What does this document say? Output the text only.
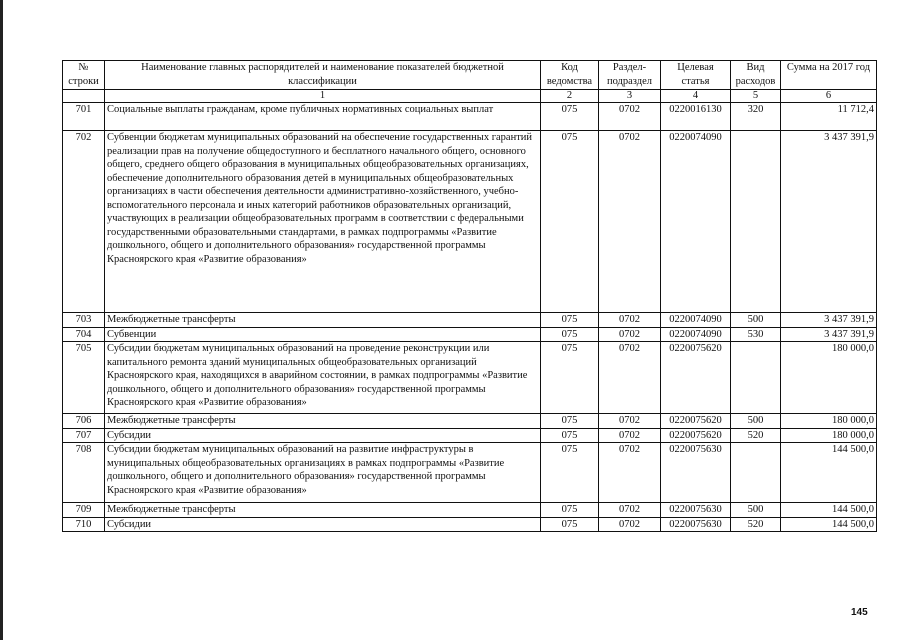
№ строки	Наименование главных распорядителей и наименование показателей бюджетной классификации	Код ведомства	Раздел-подраздел	Целевая статья	Вид расходов	Сумма на 2017 год
	1	2	3	4	5	6
701	Социальные выплаты гражданам, кроме публичных нормативных социальных выплат	075	0702	0220016130	320	11 712,4
702	Субвенции бюджетам муниципальных образований на обеспечение государственных гарантий реализации прав на получение общедоступного и бесплатного начального общего, основного общего, среднего общего образования в муниципальных общеобразовательных организациях, обеспечение дополнительного образования детей в муниципальных общеобразовательных организациях в части обеспечения деятельности административно-хозяйственного, учебно-вспомогательного персонала и иных категорий работников образовательных организаций, участвующих в реализации общеобразовательных программ в соответствии с федеральными государственными образовательными стандартами, в рамках подпрограммы «Развитие дошкольного, общего и дополнительного образования» государственной программы Красноярского края «Развитие образования»	075	0702	0220074090		3 437 391,9
703	Межбюджетные трансферты	075	0702	0220074090	500	3 437 391,9
704	Субвенции	075	0702	0220074090	530	3 437 391,9
705	Субсидии бюджетам муниципальных образований на проведение реконструкции или капитального ремонта зданий муниципальных общеобразовательных организаций Красноярского края, находящихся в аварийном состоянии, в рамках подпрограммы «Развитие дошкольного, общего и дополнительного образования» государственной программы Красноярского края «Развитие образования»	075	0702	0220075620		180 000,0
706	Межбюджетные трансферты	075	0702	0220075620	500	180 000,0
707	Субсидии	075	0702	0220075620	520	180 000,0
708	Субсидии бюджетам муниципальных образований на развитие инфраструктуры в муниципальных общеобразовательных организациях в рамках подпрограммы «Развитие дошкольного, общего и дополнительного образования» государственной программы Красноярского края «Развитие образования»	075	0702	0220075630		144 500,0
709	Межбюджетные трансферты	075	0702	0220075630	500	144 500,0
710	Субсидии	075	0702	0220075630	520	144 500,0
145
